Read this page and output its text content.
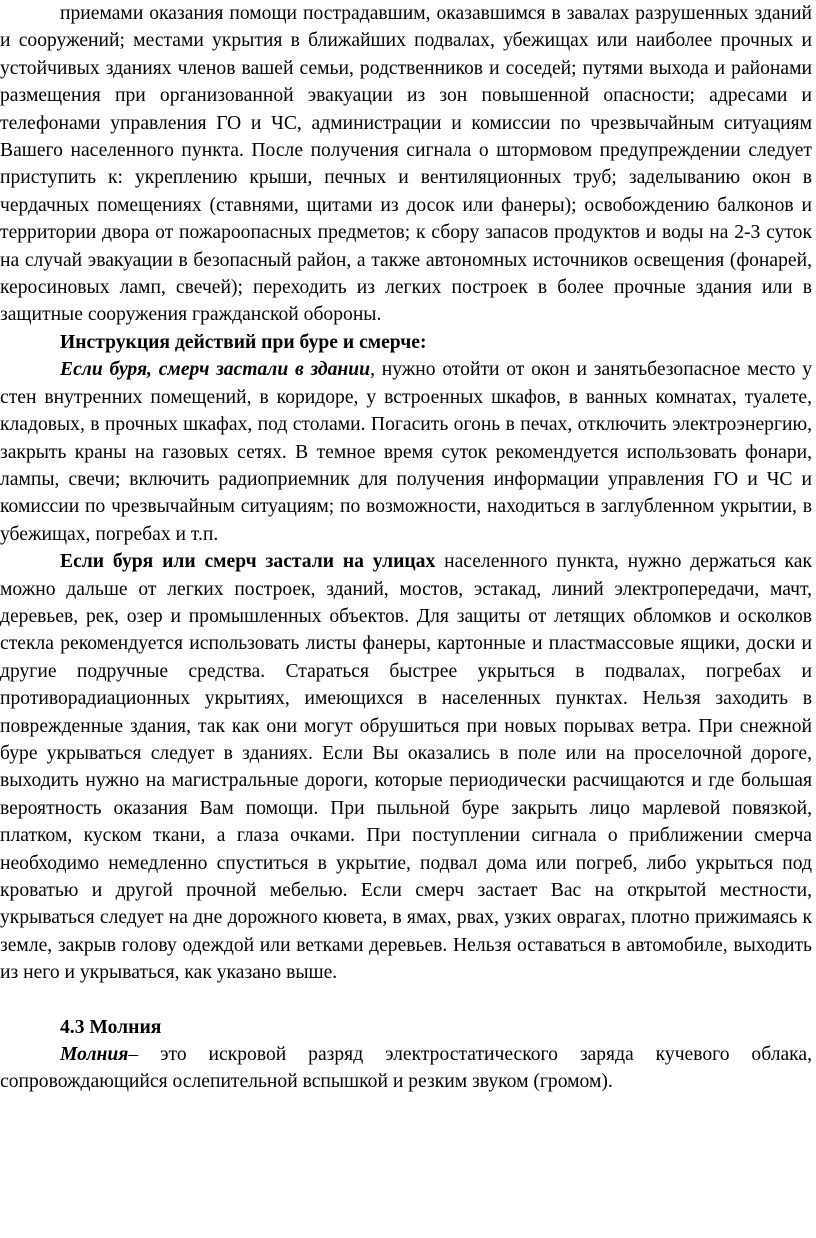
приемами оказания помощи пострадавшим, оказавшимся в завалах разрушенных зданий и сооружений; местами укрытия в ближайших подвалах, убежищах или наиболее прочных и устойчивых зданиях членов вашей семьи, родственников и соседей; путями выхода и районами размещения при организованной эвакуации из зон повышенной опасности; адресами и телефонами управления ГО и ЧС, администрации и комиссии по чрезвычайным ситуациям Вашего населенного пункта. После получения сигнала о штормовом предупреждении следует приступить к: укреплению крыши, печных и вентиляционных труб; заделыванию окон в чердачных помещениях (ставнями, щитами из досок или фанеры); освобождению балконов и территории двора от пожароопасных предметов; к сбору запасов продуктов и воды на 2-3 суток на случай эвакуации в безопасный район, а также автономных источников освещения (фонарей, керосиновых ламп, свечей); переходить из легких построек в более прочные здания или в защитные сооружения гражданской обороны.

Инструкция действий при буре и смерче:

Если буря, смерч застали в здании, нужно отойти от окон и занятьбезопасное место у стен внутренних помещений, в коридоре, у встроенных шкафов, в ванных комнатах, туалете, кладовых, в прочных шкафах, под столами. Погасить огонь в печах, отключить электроэнергию, закрыть краны на газовых сетях. В темное время суток рекомендуется использовать фонари, лампы, свечи; включить радиоприемник для получения информации управления ГО и ЧС и комиссии по чрезвычайным ситуациям; по возможности, находиться в заглубленном укрытии, в убежищах, погребах и т.п.

Если буря или смерч застали на улицах населенного пункта, нужно держаться как можно дальше от легких построек, зданий, мостов, эстакад, линий электропередачи, мачт, деревьев, рек, озер и промышленных объектов. Для защиты от летящих обломков и осколков стекла рекомендуется использовать листы фанеры, картонные и пластмассовые ящики, доски и другие подручные средства. Стараться быстрее укрыться в подвалах, погребах и противорадиационных укрытиях, имеющихся в населенных пунктах. Нельзя заходить в поврежденные здания, так как они могут обрушиться при новых порывах ветра. При снежной буре укрываться следует в зданиях. Если Вы оказались в поле или на проселочной дороге, выходить нужно на магистральные дороги, которые периодически расчищаются и где большая вероятность оказания Вам помощи. При пыльной буре закрыть лицо марлевой повязкой, платком, куском ткани, а глаза очками. При поступлении сигнала о приближении смерча необходимо немедленно спуститься в укрытие, подвал дома или погреб, либо укрыться под кроватью и другой прочной мебелью. Если смерч застает Вас на открытой местности, укрываться следует на дне дорожного кювета, в ямах, рвах, узких оврагах, плотно прижимаясь к земле, закрыв голову одеждой или ветками деревьев. Нельзя оставаться в автомобиле, выходить из него и укрываться, как указано выше.

4.3 Молния

Молния– это искровой разряд электростатического заряда кучевого облака, сопровождающийся ослепительной вспышкой и резким звуком (громом).
